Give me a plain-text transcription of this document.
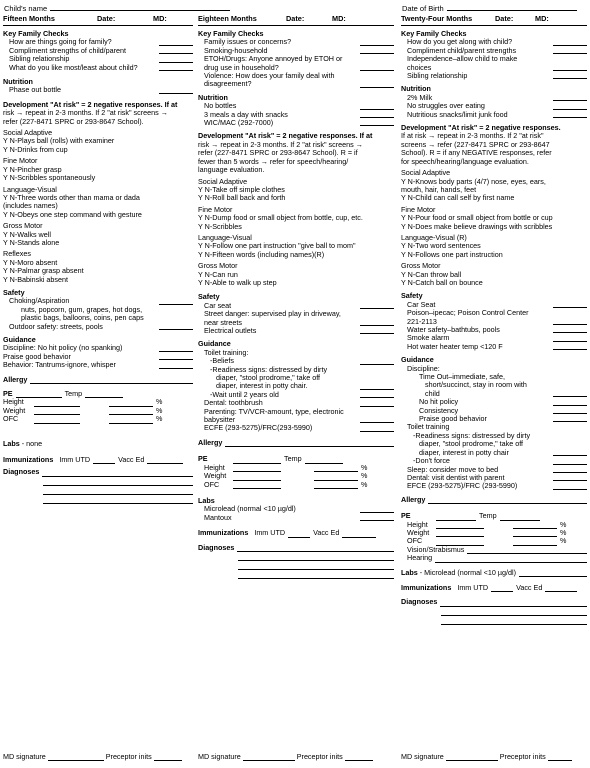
Child's name	Date of Birth
Fifteen Months	Date:	MD:
Key Family Checks
How are things going for family?
Compliment strengths of child/parent
Sibling relationship
What do you like most/least about child?
Nutrition
Phase out bottle
Development "At risk" = 2 negative responses. If at
risk → repeat in 2-3 months. If 2 "at risk" screens →
refer (227-8471 SPRC or 293-8647 School).
Social Adaptive
Y N-Plays ball (rolls) with examiner
Y N-Drinks from cup
Fine Motor
Y N-Pincher grasp
Y N-Scribbles spontaneously
Language-Visual
Y N-Three words other than mama or dada
(includes names)
Y N-Obeys one step command with gesture
Gross Motor
Y N-Walks well
Y N-Stands alone
Reflexes
Y N-Moro absent
Y N-Palmar grasp absent
Y N-Babinski absent
Safety
Choking/Aspiration
nuts, popcorn, gum, grapes, hot dogs,
plastic bags, balloons, coins, pen caps
Outdoor safety: streets, pools
Guidance
Discipline: No hit policy (no spanking)
Praise good behavior
Behavior: Tantrums-ignore, whisper
Allergy
PE	Temp
Height	%
Weight	%
OFC	%
Labs - none
Immunizations Imm UTD	Vacc Ed
Diagnoses
Eighteen Months	Date:	MD:
Key Family Checks
Family issues or concerns?
Smoking-household
ETOH/Drugs: Anyone annoyed by ETOH or
drug use in household?
Violence: How does your family deal with
disagreement?
Nutrition
No bottles
3 meals a day with snacks
WIC/MAC (292-7000)
Development "At risk" = 2 negative responses. If at
risk → repeat in 2-3 months. If 2 "at risk" screens →
refer (227-8471 SPRC or 293-8647 School). R = if
fewer than 5 words → refer for speech/hearing/
language evaluation.
Social Adaptive
Y N-Take off simple clothes
Y N-Roll ball back and forth
Fine Motor
Y N-Dump food or small object from bottle, cup, etc.
Y N-Scribbles
Language-Visual
Y N-Follow one part instruction "give ball to mom"
Y N-Fifteen words (including names)(R)
Gross Motor
Y N-Can run
Y N-Able to walk up step
Safety
Car seat
Street danger: supervised play in driveway,
near streets
Electrical outlets
Guidance
Toilet training:
-Beliefs
-Readiness signs: distressed by dirty
diaper, "stool prodrome," take off
diaper, interest in potty chair.
-Wait until 2 years old
Dental: toothbrush
Parenting: TV/VCR-amount, type, electronic
babysitter
ECFE (293-5275)/FRC(293-5990)
Allergy
PE	Temp
Height	%
Weight	%
OFC	%
Labs
Microlead (normal <10 µg/dl)
Mantoux
Immunizations Imm UTD	Vacc Ed
Diagnoses
Twenty-Four Months	Date:	MD:
Key Family Checks
How do you get along with child?
Compliment child/parent strengths
Independence–allow child to make
choices
Sibling relationship
Nutrition
2% Milk
No struggles over eating
Nutritious snacks/limit junk food
Development "At risk" = 2 negative responses.
If at risk → repeat in 2-3 months. If 2 "at risk"
screens → refer (227-8471 SPRC or 293-8647
School). R = if any NEGATIVE responses, refer
for speech/hearing/language evaluation.
Social Adaptive
Y N-Knows body parts (4/7) nose, eyes, ears,
mouth, hair, hands, feet
Y N-Child can call self by first name
Fine Motor
Y N-Pour food or small object from bottle or cup
Y N-Does make believe drawings with scribbles
Language-Visual (R)
Y N-Two word sentences
Y N-Follows one part instruction
Gross Motor
Y N-Can throw ball
Y N-Catch ball on bounce
Safety
Car Seat
Poison–ipecac; Poison Control Center
221-2113
Water safety–bathtubs, pools
Smoke alarm
Hot water heater temp <120 F
Guidance
Discipline:
Time Out–immediate, safe,
short/succinct, stay in room with
child
No hit policy
Consistency
Praise good behavior
Toilet training
-Readiness signs: distressed by dirty
diaper, "stool prodrome," take off
diaper, interest in potty chair
-Don't force
Sleep: consider move to bed
Dental: visit dentist with parent
EFCE (293-5275)/FRC (293-5990)
Allergy
PE	Temp
Height	%
Weight	%
OFC	%
Vision/Strabismus
Hearing
Labs - Microlead (normal <10 µg/dl)
Immunizations Imm UTD	Vacc Ed
Diagnoses
MD signature	Preceptor inits	MD signature	Preceptor inits	MD signature	Preceptor inits
